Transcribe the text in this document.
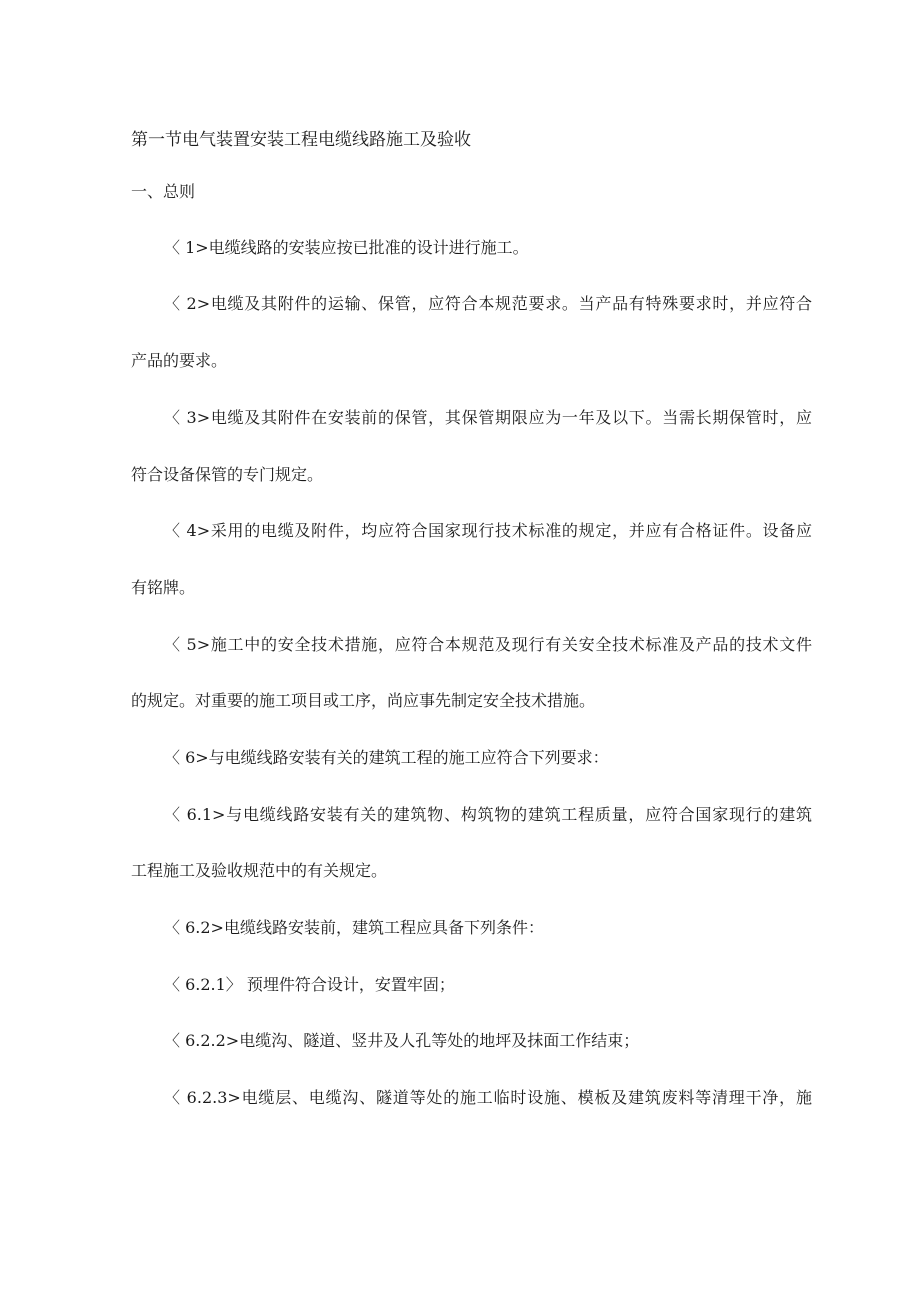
第一节电气装置安装工程电缆线路施工及验收
一、总则
〈 1>电缆线路的安装应按已批准的设计进行施工。
〈 2>电缆及其附件的运输、保管，应符合本规范要求。当产品有特殊要求时，并应符合
产品的要求。
〈 3>电缆及其附件在安装前的保管，其保管期限应为一年及以下。当需长期保管时，应
符合设备保管的专门规定。
〈 4>采用的电缆及附件，均应符合国家现行技术标准的规定，并应有合格证件。设备应
有铭牌。
〈 5>施工中的安全技术措施，应符合本规范及现行有关安全技术标准及产品的技术文件
的规定。对重要的施工项目或工序，尚应事先制定安全技术措施。
〈 6>与电缆线路安装有关的建筑工程的施工应符合下列要求：
〈 6.1>与电缆线路安装有关的建筑物、构筑物的建筑工程质量，应符合国家现行的建筑
工程施工及验收规范中的有关规定。
〈 6.2>电缆线路安装前，建筑工程应具备下列条件：
〈 6.2.1〉 预埋件符合设计，安置牢固；
〈 6.2.2>电缆沟、隧道、竖井及人孔等处的地坪及抹面工作结束；
〈 6.2.3>电缆层、电缆沟、隧道等处的施工临时设施、模板及建筑废料等清理干净，施
